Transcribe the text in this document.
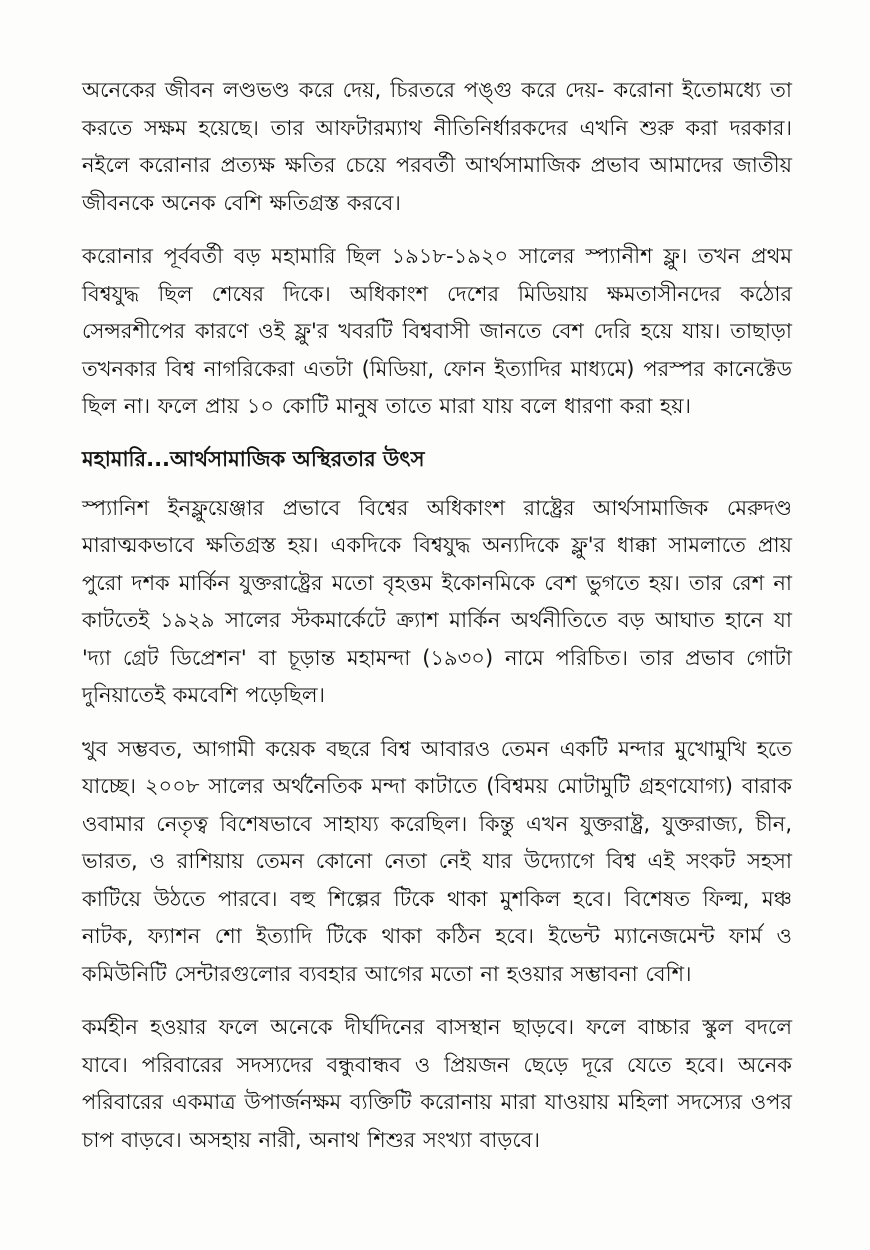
অনেকের জীবন লণ্ডভণ্ড করে দেয়, চিরতরে পঙ্গু করে দেয়- করোনা ইতোমধ্যে তা করতে সক্ষম হয়েছে। তার আফটারম্যাথ নীতিনির্ধারকদের এখনি শুরু করা দরকার। নইলে করোনার প্রত্যক্ষ ক্ষতির চেয়ে পরবর্তী আর্থসামাজিক প্রভাব আমাদের জাতীয় জীবনকে অনেক বেশি ক্ষতিগ্রস্ত করবে।

করোনার পূর্ববর্তী বড় মহামারি ছিল ১৯১৮-১৯২০ সালের স্প্যানীশ ফ্লু। তখন প্রথম বিশ্বযুদ্ধ ছিল শেষের দিকে। অধিকাংশ দেশের মিডিয়ায় ক্ষমতাসীনদের কঠোর সেন্সরশীপের কারণে ওই ফ্লু'র খবরটি বিশ্ববাসী জানতে বেশ দেরি হয়ে যায়। তাছাড়া তখনকার বিশ্ব নাগরিকেরা এতটা (মিডিয়া, ফোন ইত্যাদির মাধ্যমে) পরস্পর কানেক্টেড ছিল না। ফলে প্রায় ১০ কোটি মানুষ তাতে মারা যায় বলে ধারণা করা হয়।

মহামারি...আর্থসামাজিক অস্থিরতার উৎস

স্প্যানিশ ইনফ্লুয়েঞ্জার প্রভাবে বিশ্বের অধিকাংশ রাষ্ট্রের আর্থসামাজিক মেরুদণ্ড মারাত্মকভাবে ক্ষতিগ্রস্ত হয়। একদিকে বিশ্বযুদ্ধ অন্যদিকে ফ্লু'র ধাক্কা সামলাতে প্রায় পুরো দশক মার্কিন যুক্তরাষ্ট্রের মতো বৃহত্তম ইকোনমিকে বেশ ভুগতে হয়। তার রেশ না কাটতেই ১৯২৯ সালের স্টকমার্কেটে ক্র্যাশ মার্কিন অর্থনীতিতে বড় আঘাত হানে যা 'দ্যা গ্রেট ডিপ্রেশন' বা চূড়ান্ত মহামন্দা (১৯৩০) নামে পরিচিত। তার প্রভাব গোটা দুনিয়াতেই কমবেশি পড়েছিল।

খুব সম্ভবত, আগামী কয়েক বছরে বিশ্ব আবারও তেমন একটি মন্দার মুখোমুখি হতে যাচ্ছে। ২০০৮ সালের অর্থনৈতিক মন্দা কাটাতে (বিশ্বময় মোটামুটি গ্রহণযোগ্য) বারাক ওবামার নেতৃত্ব বিশেষভাবে সাহায্য করেছিল। কিন্তু এখন যুক্তরাষ্ট্র, যুক্তরাজ্য, চীন, ভারত, ও রাশিয়ায় তেমন কোনো নেতা নেই যার উদ্যোগে বিশ্ব এই সংকট সহসা কাটিয়ে উঠতে পারবে। বহু শিল্পের টিকে থাকা মুশকিল হবে। বিশেষত ফিল্ম, মঞ্চ নাটক, ফ্যাশন শো ইত্যাদি টিকে থাকা কঠিন হবে। ইভেন্ট ম্যানেজমেন্ট ফার্ম ও কমিউনিটি সেন্টারগুলোর ব্যবহার আগের মতো না হওয়ার সম্ভাবনা বেশি।

কর্মহীন হওয়ার ফলে অনেকে দীর্ঘদিনের বাসস্থান ছাড়বে। ফলে বাচ্চার স্কুল বদলে যাবে। পরিবারের সদস্যদের বন্ধুবান্ধব ও প্রিয়জন ছেড়ে দূরে যেতে হবে। অনেক পরিবারের একমাত্র উপার্জনক্ষম ব্যক্তিটি করোনায় মারা যাওয়ায় মহিলা সদস্যের ওপর চাপ বাড়বে। অসহায় নারী, অনাথ শিশুর সংখ্যা বাড়বে।
